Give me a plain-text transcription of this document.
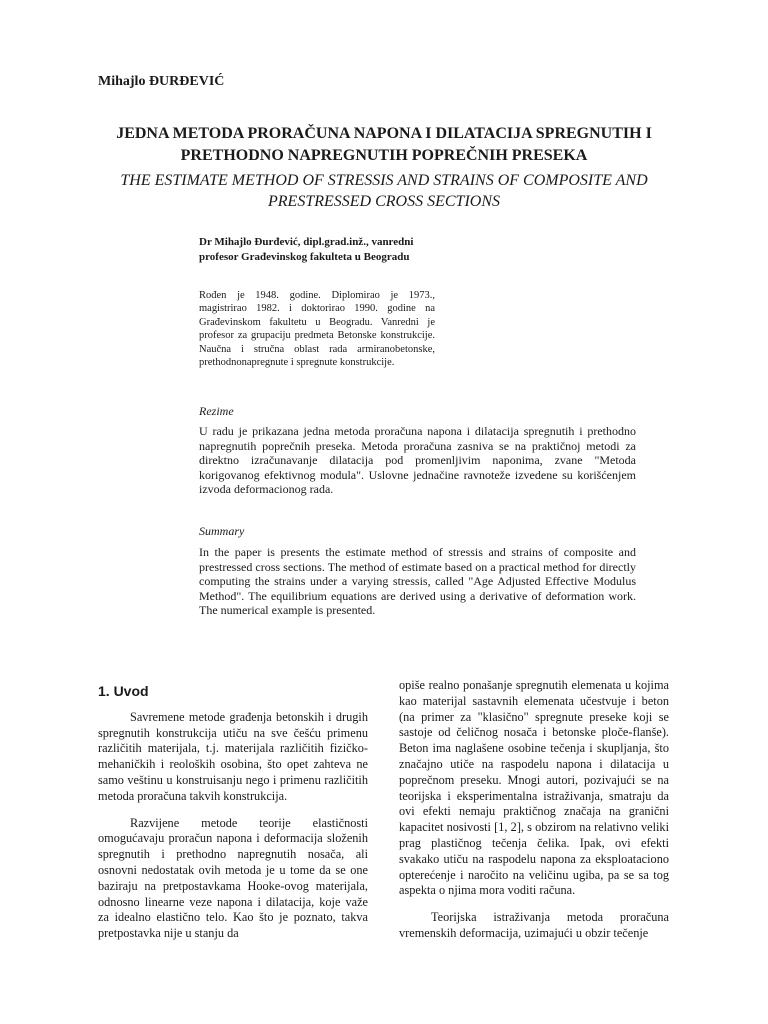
Mihajlo ĐURĐEVIĆ
JEDNA METODA PRORAČUNA NAPONA I DILATACIJA SPREGNUTIH I
PRETHODNO NAPREGNUTIH POPREČNIH PRESEKA
THE ESTIMATE METHOD OF STRESSIS AND STRAINS OF COMPOSITE AND
PRESTRESSED CROSS SECTIONS
Dr Mihajlo Đurđević, dipl.grad.inž., vanredni profesor Građevinskog fakulteta u Beogradu
Rođen je 1948. godine. Diplomirao je 1973., magistrirao 1982. i doktorirao 1990. godine na Građevinskom fakultetu u Beogradu. Vanredni je profesor za grupaciju predmeta Betonske konstrukcije. Naučna i stručna oblast rada armiranobetonske, prethodnonapregnute i spregnute konstrukcije.
Rezime
U radu je prikazana jedna metoda proračuna napona i dilatacija spregnutih i prethodno napregnutih poprečnih preseka. Metoda proračuna zasniva se na praktičnoj metodi za direktno izračunavanje dilatacija pod promenljivim naponima, zvane "Metoda korigovanog efektivnog modula". Uslovne jednačine ravnoteže izvedene su korišćenjem izvoda deformacionog rada.
Summary
In the paper is presents the estimate method of stressis and strains of composite and prestressed cross sections. The method of estimate based on a practical method for directly computing the strains under a varying stressis, called "Age Adjusted Effective Modulus Method". The equilibrium equations are derived using a derivative of deformation work. The numerical example is presented.
1. Uvod

Savremene metode građenja betonskih i drugih spregnutih konstrukcija utiču na sve češću primenu različitih materijala, t.j. materijala različitih fizičko-mehaničkih i reoloških osobina, što opet zahteva ne samo veštinu u konstruisanju nego i primenu različitih metoda proračuna takvih konstrukcija.

Razvijene metode teorije elastičnosti omogućavaju proračun napona i deformacija složenih spregnutih i prethodno napregnutih nosača, ali osnovni nedostatak ovih metoda je u tome da se one baziraju na pretpostavkama Hooke-ovog materijala, odnosno linearne veze napona i dilatacija, koje važe za idealno elastično telo. Kao što je poznato, takva pretpostavka nije u stanju da

opiše realno ponašanje spregnutih elemenata u kojima kao materijal sastavnih elemenata učestvuje i beton (na primer za "klasično" spregnute preseke koji se sastoje od čeličnog nosača i betonske ploče-flanše). Beton ima naglašene osobine tečenja i skupljanja, što značajno utiče na raspodelu napona i dilatacija u poprečnom preseku. Mnogi autori, pozivajući se na teorijska i eksperimentalna istraživanja, smatraju da ovi efekti nemaju praktičnog značaja na granični kapacitet nosivosti [1, 2], s obzirom na relativno veliki prag plastičnog tečenja čelika. Ipak, ovi efekti svakako utiču na raspodelu napona za eksploataciono opterećenje i naročito na veličinu ugiba, pa se sa tog aspekta o njima mora voditi računa.

Teorijska istraživanja metoda proračuna vremenskih deformacija, uzimajući u obzir tečenje
